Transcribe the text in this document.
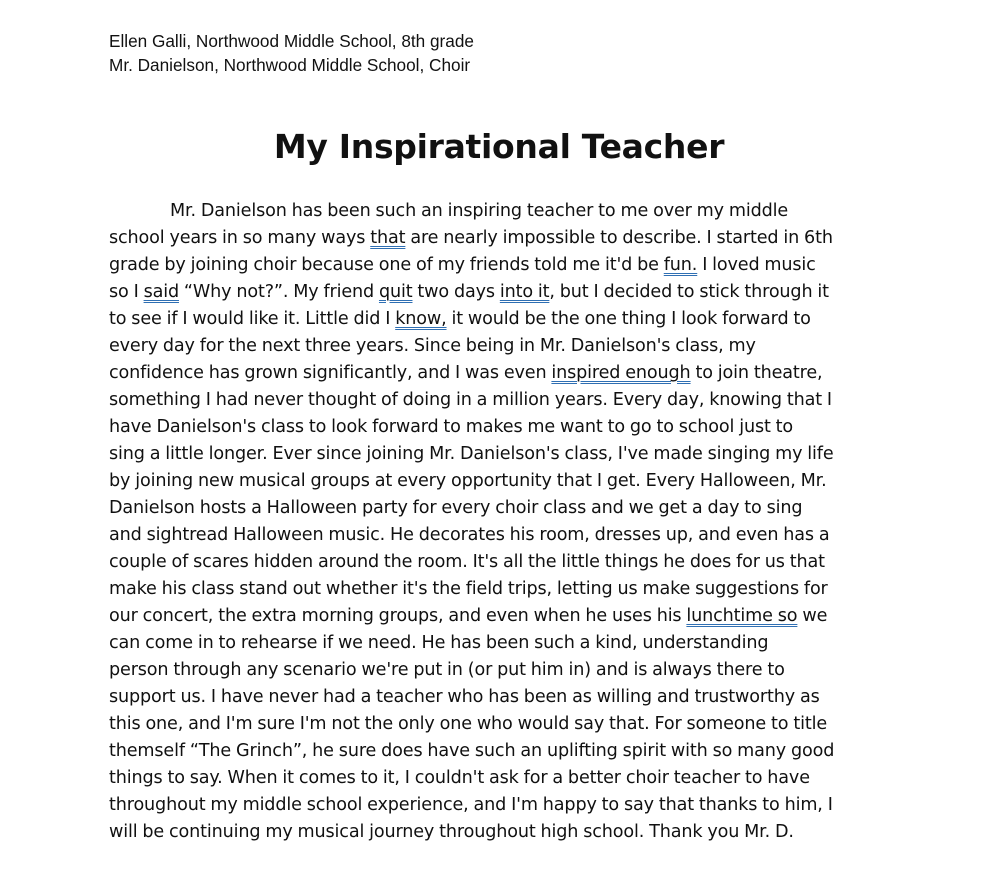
Ellen Galli, Northwood Middle School, 8th grade

Mr. Danielson, Northwood Middle School, Choir

My Inspirational Teacher
Mr. Danielson has been such an inspiring teacher to me over my middle
school years in so many ways that are nearly impossible to describe. I started in 6th
grade by joining choir because one of my friends told me it'd be fun. I loved music
so I said “Why not?”. My friend quit two days into it, but I decided to stick through it
to see if I would like it. Little did I know, it would be the one thing I look forward to
every day for the next three years. Since being in Mr. Danielson's class, my
confidence has grown significantly, and I was even inspired enough to join theatre,
something I had never thought of doing in a million years. Every day, knowing that I
have Danielson's class to look forward to makes me want to go to school just to
sing a little longer. Ever since joining Mr. Danielson's class, I've made singing my life
by joining new musical groups at every opportunity that I get. Every Halloween, Mr.
Danielson hosts a Halloween party for every choir class and we get a day to sing
and sightread Halloween music. He decorates his room, dresses up, and even has a
couple of scares hidden around the room. It's all the little things he does for us that
make his class stand out whether it's the field trips, letting us make suggestions for
our concert, the extra morning groups, and even when he uses his lunchtime so we
can come in to rehearse if we need. He has been such a kind, understanding
person through any scenario we're put in (or put him in) and is always there to
support us. I have never had a teacher who has been as willing and trustworthy as
this one, and I'm sure I'm not the only one who would say that. For someone to title
themself “The Grinch”, he sure does have such an uplifting spirit with so many good
things to say. When it comes to it, I couldn't ask for a better choir teacher to have
throughout my middle school experience, and I'm happy to say that thanks to him, I
will be continuing my musical journey throughout high school. Thank you Mr. D.
